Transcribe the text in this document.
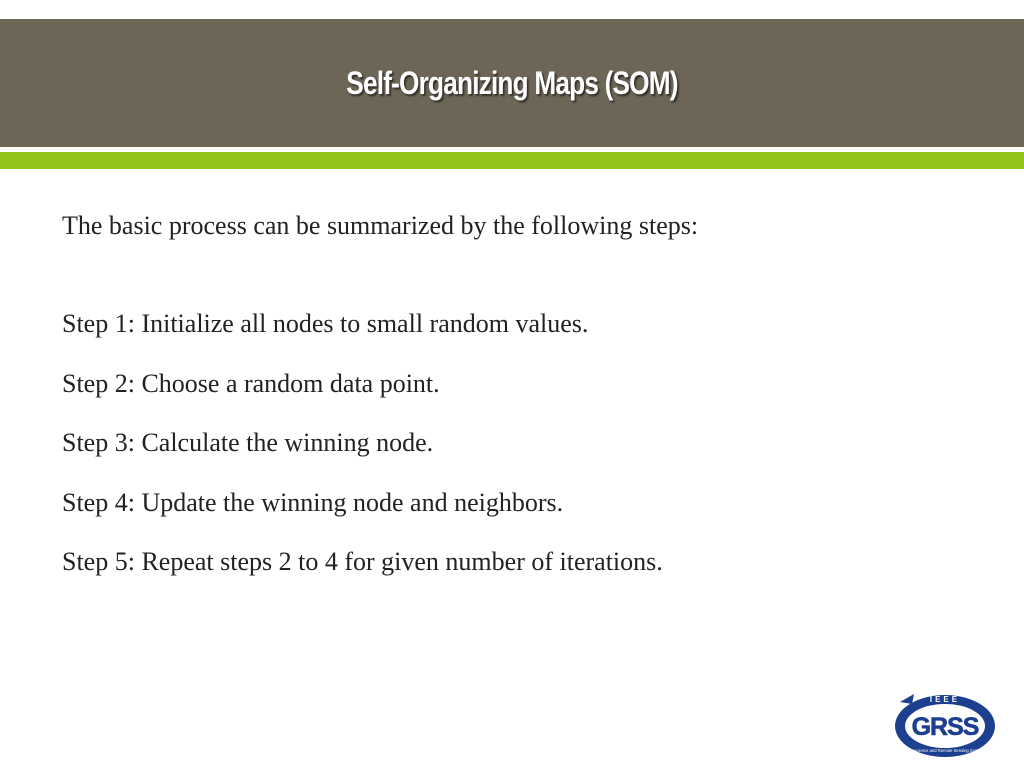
Self-Organizing Maps (SOM)
The basic process can be summarized by the following steps:
Step 1: Initialize all nodes to small random values.
Step 2: Choose a random data point.
Step 3: Calculate the winning node.
Step 4: Update the winning node and neighbors.
Step 5: Repeat steps 2 to 4 for given number of iterations.
IEEE
GRSS
Geoscience and Remote Sensing Society
